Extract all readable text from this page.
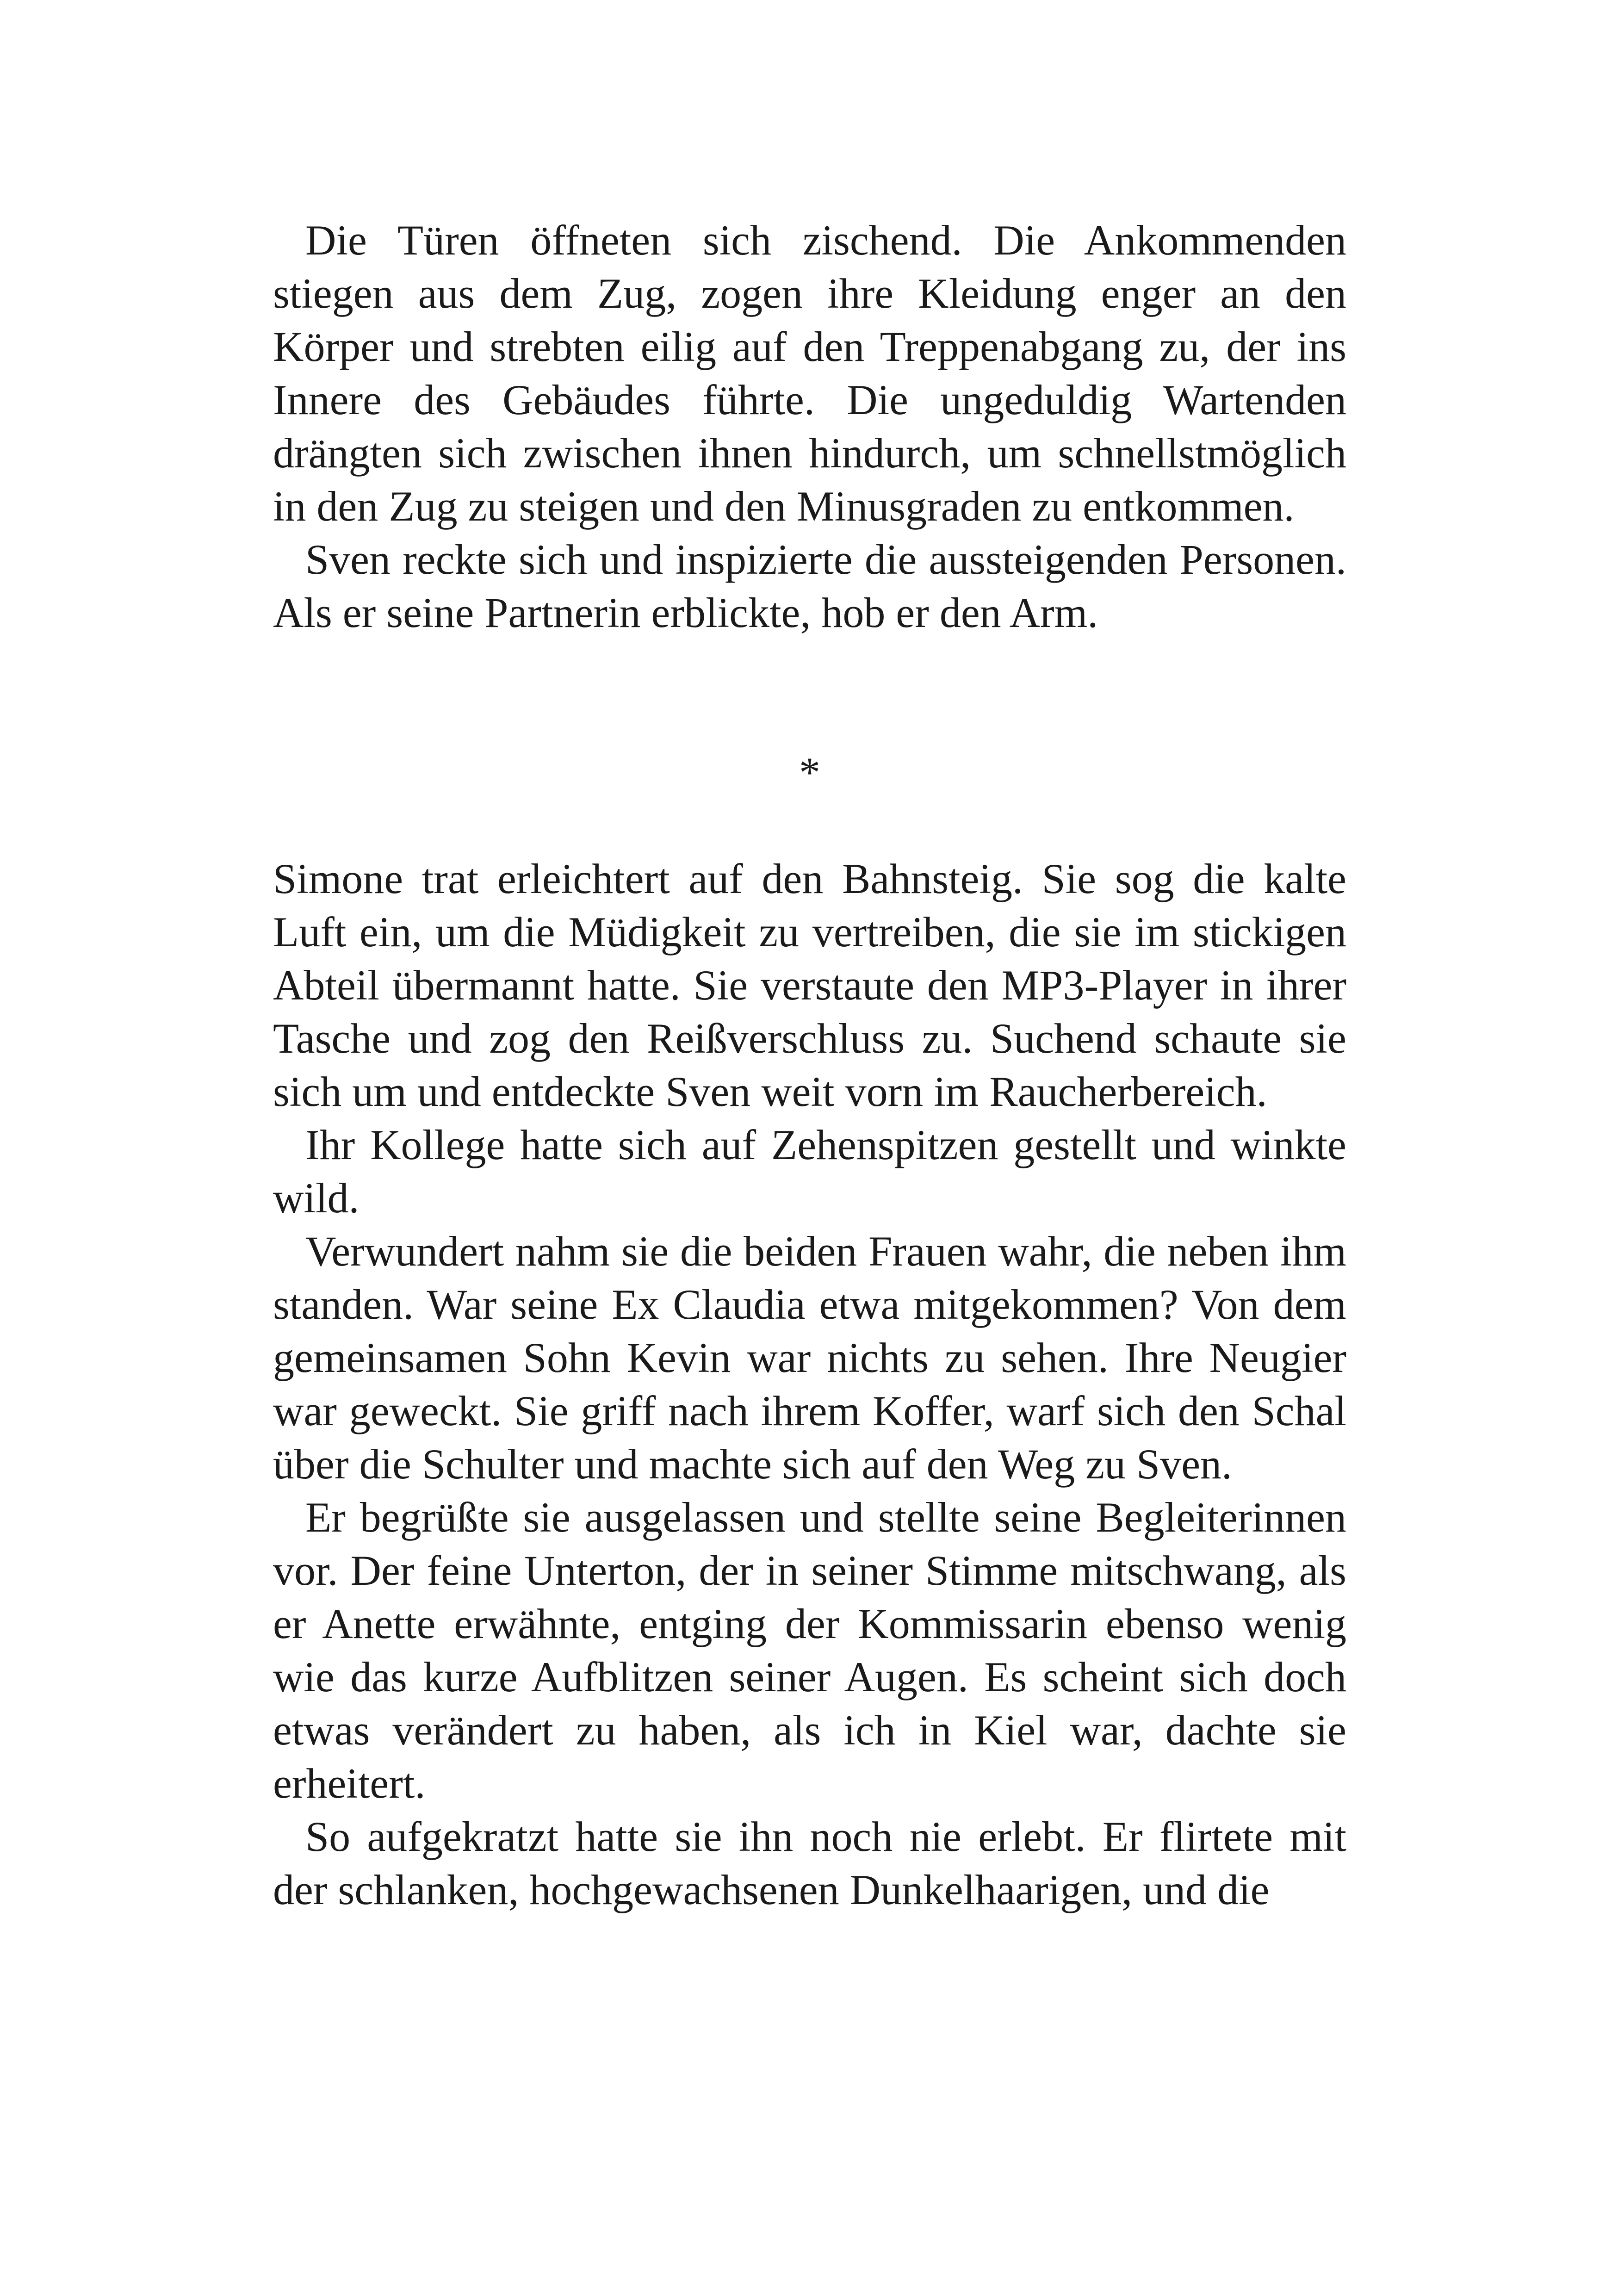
Die Türen öffneten sich zischend. Die Ankommenden stiegen aus dem Zug, zogen ihre Kleidung enger an den Körper und strebten eilig auf den Treppenabgang zu, der ins Innere des Gebäudes führte. Die ungeduldig Wartenden drängten sich zwischen ihnen hindurch, um schnellstmöglich in den Zug zu steigen und den Minusgraden zu entkommen.

Sven reckte sich und inspizierte die aussteigenden Personen. Als er seine Partnerin erblickte, hob er den Arm.

*

Simone trat erleichtert auf den Bahnsteig. Sie sog die kalte Luft ein, um die Müdigkeit zu vertreiben, die sie im stickigen Abteil übermannt hatte. Sie verstaute den MP3-Player in ihrer Tasche und zog den Reißverschluss zu. Suchend schaute sie sich um und entdeckte Sven weit vorn im Raucherbereich.

Ihr Kollege hatte sich auf Zehenspitzen gestellt und winkte wild.

Verwundert nahm sie die beiden Frauen wahr, die neben ihm standen. War seine Ex Claudia etwa mitgekommen? Von dem gemeinsamen Sohn Kevin war nichts zu sehen. Ihre Neugier war geweckt. Sie griff nach ihrem Koffer, warf sich den Schal über die Schulter und machte sich auf den Weg zu Sven.

Er begrüßte sie ausgelassen und stellte seine Begleiterinnen vor. Der feine Unterton, der in seiner Stimme mitschwang, als er Anette erwähnte, entging der Kommissarin ebenso wenig wie das kurze Aufblitzen seiner Augen. Es scheint sich doch etwas verändert zu haben, als ich in Kiel war, dachte sie erheitert.

So aufgekratzt hatte sie ihn noch nie erlebt. Er flirtete mit der schlanken, hochgewachsenen Dunkelhaarigen, und die
